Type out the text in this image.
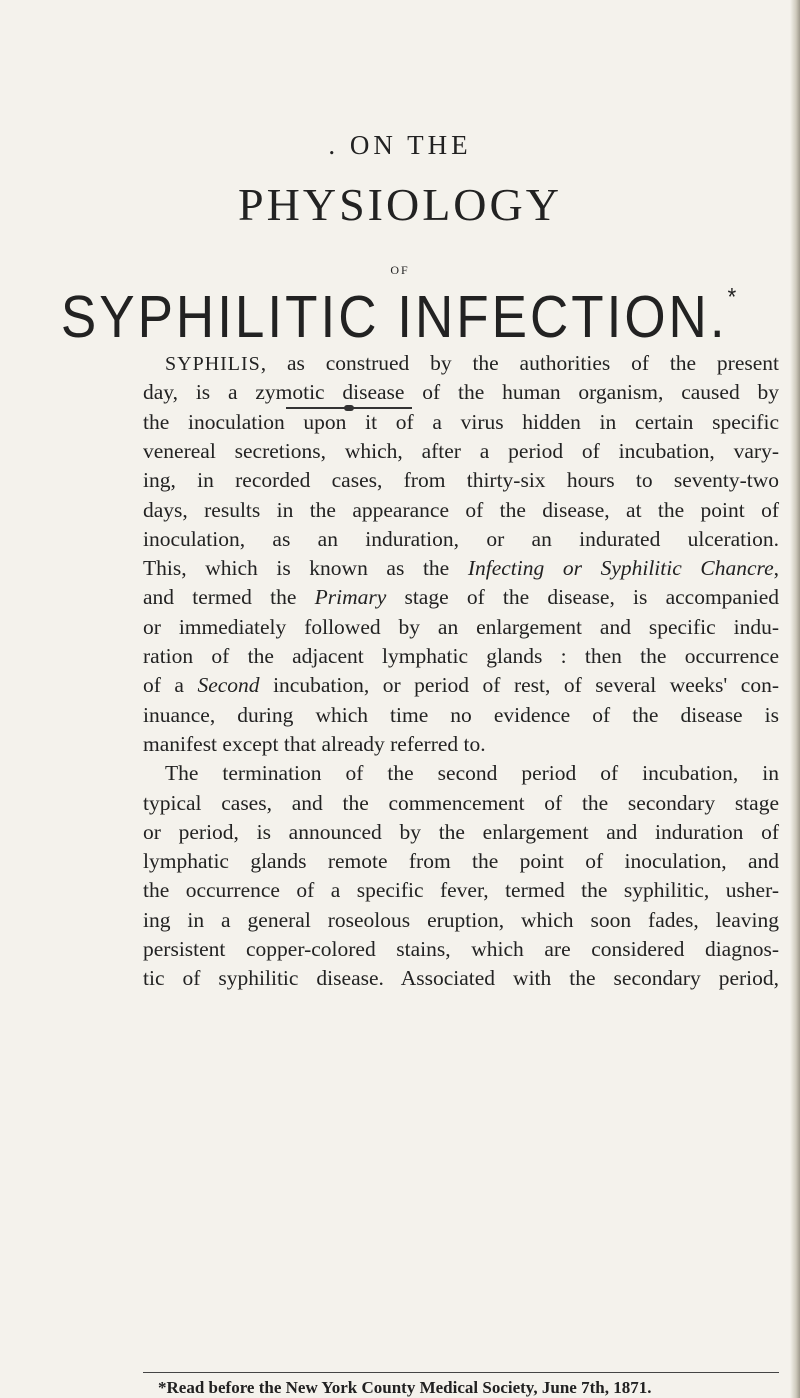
. ON THE
PHYSIOLOGY
OF
SYPHILITIC INFECTION.*
SYPHILIS, as construed by the authorities of the present
day, is a zymotic disease of the human organism, caused by
the inoculation upon it of a virus hidden in certain specific
venereal secretions, which, after a period of incubation, vary-
ing, in recorded cases, from thirty-six hours to seventy-two
days, results in the appearance of the disease, at the point of
inoculation, as an induration, or an indurated ulceration.
This, which is known as the Infecting or Syphilitic Chancre,
and termed the Primary stage of the disease, is accompanied
or immediately followed by an enlargement and specific indu-
ration of the adjacent lymphatic glands : then the occurrence
of a Second incubation, or period of rest, of several weeks' con-
inuance, during which time no evidence of the disease is
manifest except that already referred to.
The termination of the second period of incubation, in
typical cases, and the commencement of the secondary stage
or period, is announced by the enlargement and induration of
lymphatic glands remote from the point of inoculation, and
the occurrence of a specific fever, termed the syphilitic, usher-
ing in a general roseolous eruption, which soon fades, leaving
persistent copper-colored stains, which are considered diagnos-
tic of syphilitic disease. Associated with the secondary period,
*Read before the New York County Medical Society, June 7th, 1871.
